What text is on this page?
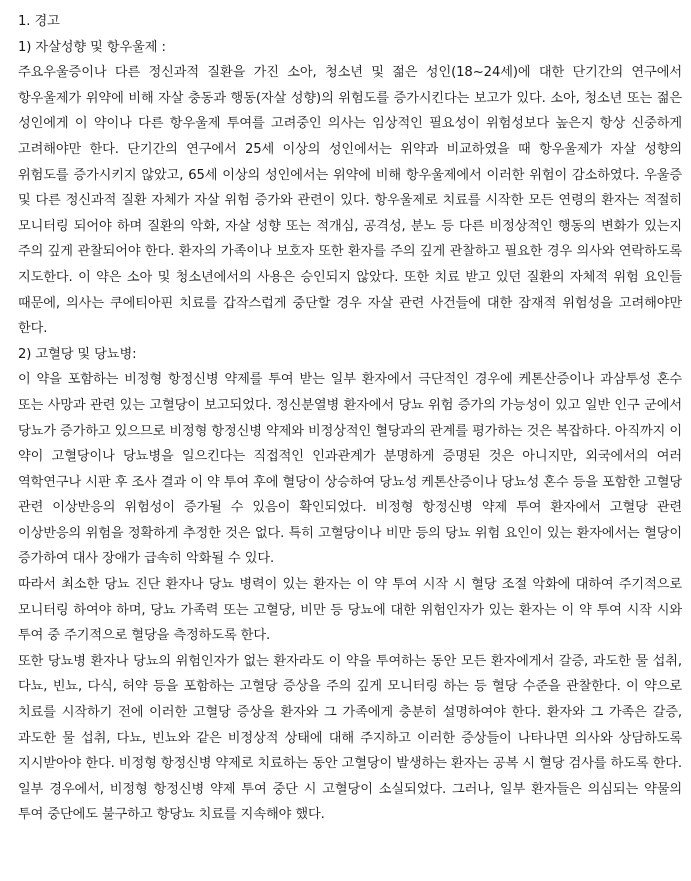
1. 경고

1) 자살성향 및 항우울제 :

주요우울증이나 다른 정신과적 질환을 가진 소아, 청소년 및 젊은 성인(18~24세)에 대한 단기간의 연구에서 항우울제가 위약에 비해 자살 충동과 행동(자살 성향)의 위험도를 증가시킨다는 보고가 있다. 소아, 청소년 또는 젊은 성인에게 이 약이나 다른 항우울제 투여를 고려중인 의사는 임상적인 필요성이 위험성보다 높은지 항상 신중하게 고려해야만 한다. 단기간의 연구에서 25세 이상의 성인에서는 위약과 비교하였을 때 항우울제가 자살 성향의 위험도를 증가시키지 않았고, 65세 이상의 성인에서는 위약에 비해 항우울제에서 이러한 위험이 감소하였다. 우울증 및 다른 정신과적 질환 자체가 자살 위험 증가와 관련이 있다. 항우울제로 치료를 시작한 모든 연령의 환자는 적절히 모니터링 되어야 하며 질환의 악화, 자살 성향 또는 적개심, 공격성, 분노 등 다른 비정상적인 행동의 변화가 있는지 주의 깊게 관찰되어야 한다. 환자의 가족이나 보호자 또한 환자를 주의 깊게 관찰하고 필요한 경우 의사와 연락하도록 지도한다. 이 약은 소아 및 청소년에서의 사용은 승인되지 않았다. 또한 치료 받고 있던 질환의 자체적 위험 요인들 때문에, 의사는 쿠에티아핀 치료를 갑작스럽게 중단할 경우 자살 관련 사건들에 대한 잠재적 위험성을 고려해야만 한다.

2) 고혈당 및 당뇨병:

이 약을 포함하는 비정형 항정신병 약제를 투여 받는 일부 환자에서 극단적인 경우에 케톤산증이나 과삼투성 혼수 또는 사망과 관련 있는 고혈당이 보고되었다. 정신분열병 환자에서 당뇨 위험 증가의 가능성이 있고 일반 인구 군에서 당뇨가 증가하고 있으므로 비정형 항정신병 약제와 비정상적인 혈당과의 관계를 평가하는 것은 복잡하다. 아직까지 이 약이 고혈당이나 당뇨병을 일으킨다는 직접적인 인과관계가 분명하게 증명된 것은 아니지만, 외국에서의 여러 역학연구나 시판 후 조사 결과 이 약 투여 후에 혈당이 상승하여 당뇨성 케톤산증이나 당뇨성 혼수 등을 포함한 고혈당 관련 이상반응의 위험성이 증가될 수 있음이 확인되었다. 비정형 항정신병 약제 투여 환자에서 고혈당 관련 이상반응의 위험을 정확하게 추정한 것은 없다. 특히 고혈당이나 비만 등의 당뇨 위험 요인이 있는 환자에서는 혈당이 증가하여 대사 장애가 급속히 악화될 수 있다.

따라서 최소한 당뇨 진단 환자나 당뇨 병력이 있는 환자는 이 약 투여 시작 시 혈당 조절 악화에 대하여 주기적으로 모니터링 하여야 하며, 당뇨 가족력 또는 고혈당, 비만 등 당뇨에 대한 위험인자가 있는 환자는 이 약 투여 시작 시와 투여 중 주기적으로 혈당을 측정하도록 한다.

또한 당뇨병 환자나 당뇨의 위험인자가 없는 환자라도 이 약을 투여하는 동안 모든 환자에게서 갈증, 과도한 물 섭취, 다뇨, 빈뇨, 다식, 허약 등을 포함하는 고혈당 증상을 주의 깊게 모니터링 하는 등 혈당 수준을 관찰한다. 이 약으로 치료를 시작하기 전에 이러한 고혈당 증상을 환자와 그 가족에게 충분히 설명하여야 한다. 환자와 그 가족은 갈증, 과도한 물 섭취, 다뇨, 빈뇨와 같은 비정상적 상태에 대해 주지하고 이러한 증상들이 나타나면 의사와 상담하도록 지시받아야 한다. 비정형 항정신병 약제로 치료하는 동안 고혈당이 발생하는 환자는 공복 시 혈당 검사를 하도록 한다. 일부 경우에서, 비정형 항정신병 약제 투여 중단 시 고혈당이 소실되었다. 그러나, 일부 환자들은 의심되는 약물의 투여 중단에도 불구하고 항당뇨 치료를 지속해야 했다.
